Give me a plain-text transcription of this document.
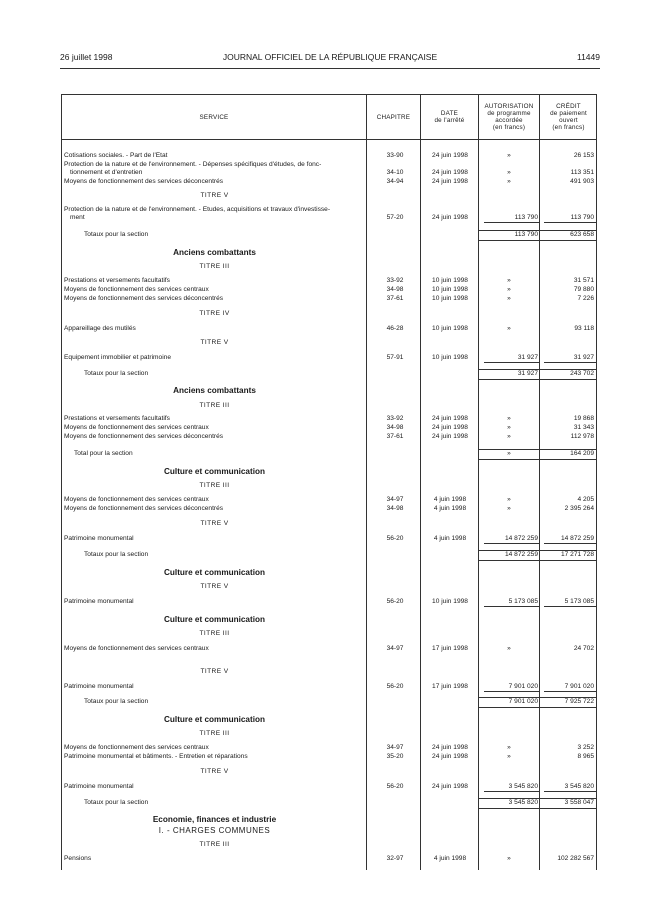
26 juillet 1998	JOURNAL OFFICIEL DE LA RÉPUBLIQUE FRANÇAISE	11449
SERVICE	CHAPITRE	DATE
de l'arrêté
AUTORISATION
de programme
accordée
(en francs)
CRÉDIT
de paiement
ouvert
(en francs)
Cotisations sociales. - Part de l'Etat	33-90	24 juin 1998	»	26 153
Protection de la nature et de l'environnement. - Dépenses spécifiques d'études, de fonc-
tionnement et d'entretien	34-10	24 juin 1998	»	113 351
Moyens de fonctionnement des services déconcentrés	34-94	24 juin 1998	»	491 903
TITRE V
Protection de la nature et de l'environnement. - Etudes, acquisitions et travaux d'investisse-
ment	57-20	24 juin 1998	113 790	113 790
Totaux pour la section	113 790	623 658
Anciens combattants
TITRE III
Prestations et versements facultatifs	33-92	10 juin 1998	»	31 571
Moyens de fonctionnement des services centraux	34-98	10 juin 1998	»	79 880
Moyens de fonctionnement des services déconcentrés	37-61	10 juin 1998	»	7 226
TITRE IV
Appareillage des mutilés	46-28	10 juin 1998	»	93 118
TITRE V
Equipement immobilier et patrimoine	57-91	10 juin 1998	31 927	31 927
Totaux pour la section	31 927	243 702
Anciens combattants
TITRE III
Prestations et versements facultatifs	33-92	24 juin 1998	»	19 868
Moyens de fonctionnement des services centraux	34-98	24 juin 1998	»	31 343
Moyens de fonctionnement des services déconcentrés	37-61	24 juin 1998	»	112 978
Total pour la section	»	164 209
Culture et communication
TITRE III
Moyens de fonctionnement des services centraux	34-97	4 juin 1998	»	4 205
Moyens de fonctionnement des services déconcentrés	34-98	4 juin 1998	»	2 395 264
TITRE V
Patrimoine monumental	56-20	4 juin 1998	14 872 259	14 872 259
Totaux pour la section	14 872 259	17 271 728
Culture et communication
TITRE V
Patrimoine monumental	56-20	10 juin 1998	5 173 085	5 173 085
Culture et communication
TITRE III
Moyens de fonctionnement des services centraux	34-97	17 juin 1998	»	24 702
TITRE V
Patrimoine monumental	56-20	17 juin 1998	7 901 020	7 901 020
Totaux pour la section	7 901 020	7 925 722
Culture et communication
TITRE III
Moyens de fonctionnement des services centraux	34-97	24 juin 1998	»	3 252
Patrimoine monumental et bâtiments. - Entretien et réparations	35-20	24 juin 1998	»	8 965
TITRE V
Patrimoine monumental	56-20	24 juin 1998	3 545 820	3 545 820
Totaux pour la section	3 545 820	3 558 047
Economie, finances et industrie
I. - CHARGES COMMUNES
TITRE III
Pensions	32-97	4 juin 1998	»	102 282 567
